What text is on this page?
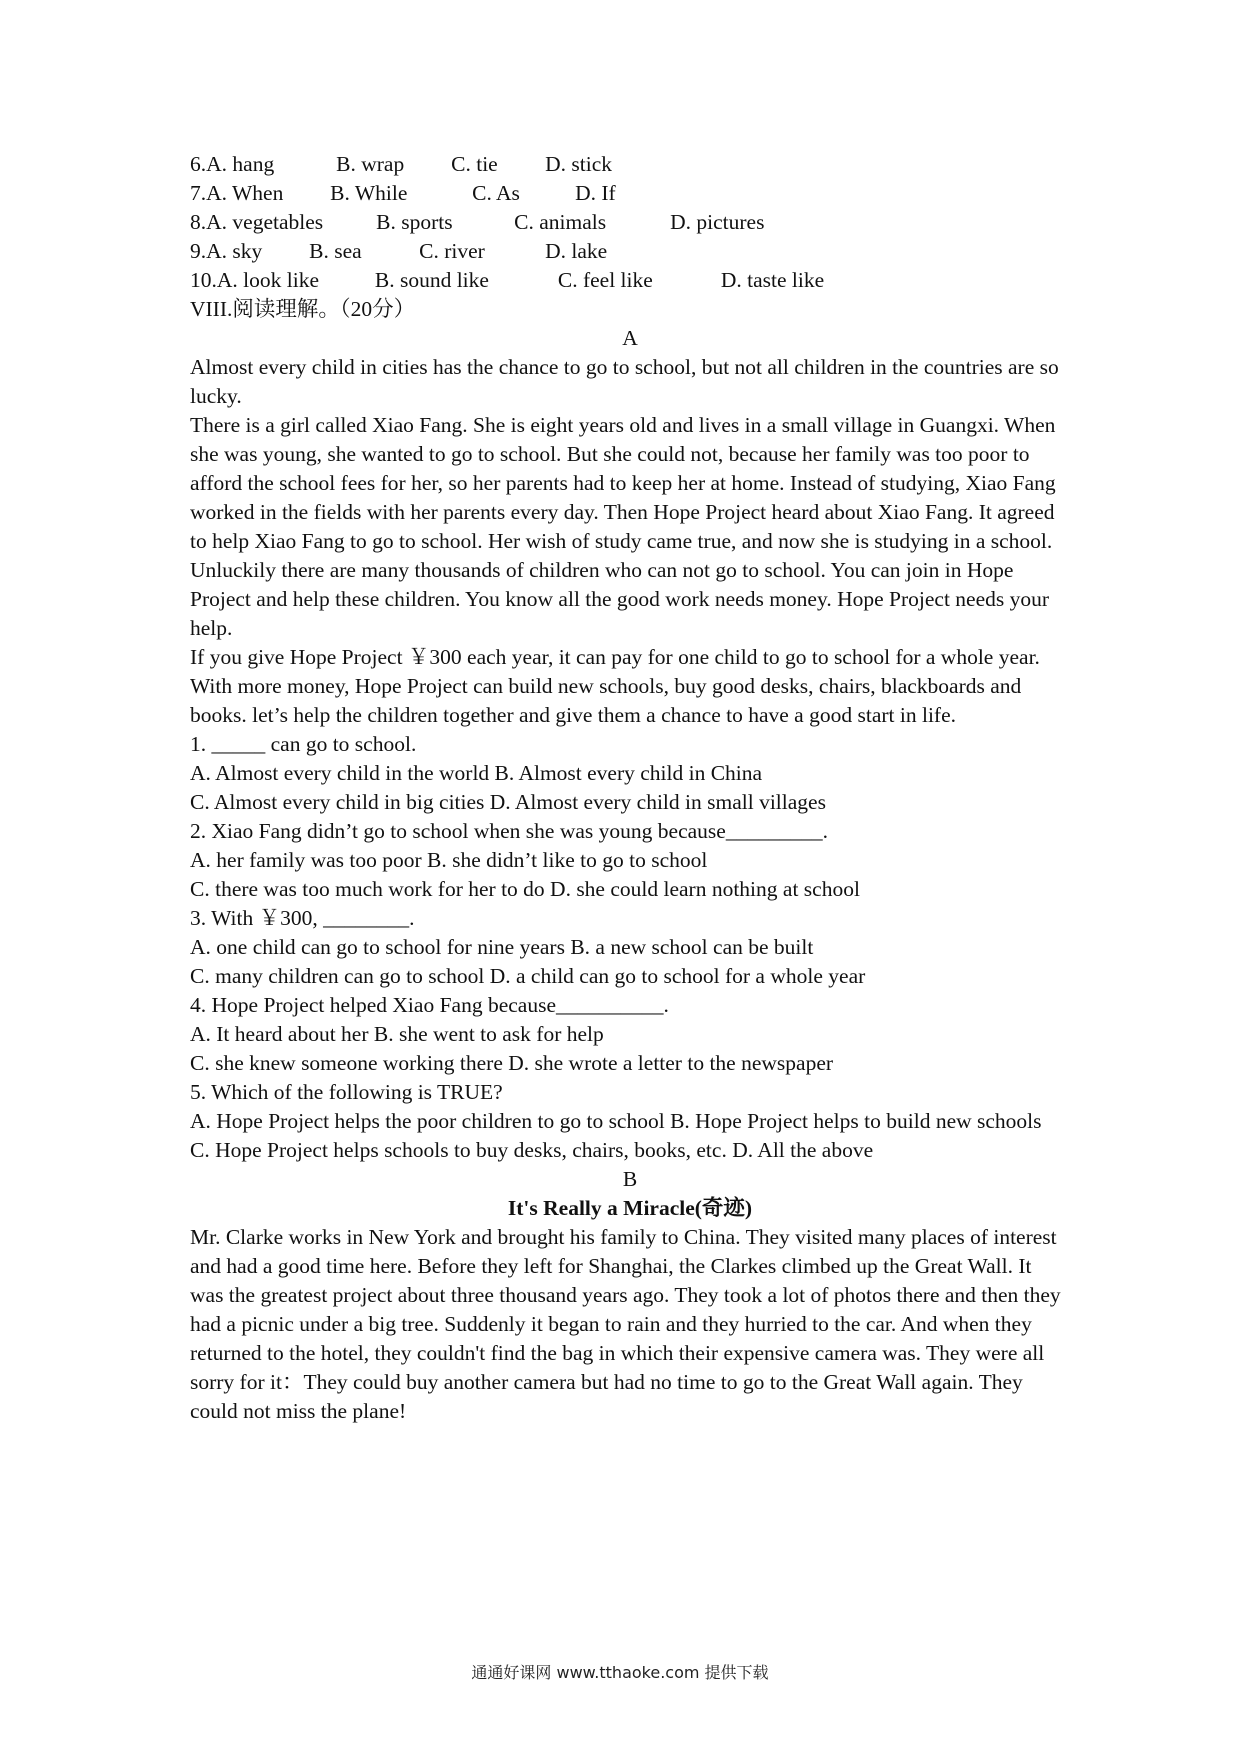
6.A. hang	B. wrap C. tie D. stick
7.A. When B. While	C. As	D. If
8.A. vegetables B. sports	C. animals	D. pictures
9.A. sky B. sea	C. river	D. lake
10.A. look like	B. sound like	C. feel like	D. taste like
VIII.阅读理解。（20分）
A

Almost every child in cities has the chance to go to school, but not all children in the countries are so lucky.

There is a girl called Xiao Fang. She is eight years old and lives in a small village in Guangxi. When she was young, she wanted to go to school. But she could not, because her family was too poor to afford the school fees for her, so her parents had to keep her at home. Instead of studying, Xiao Fang worked in the fields with her parents every day. Then Hope Project heard about Xiao Fang. It agreed to help Xiao Fang to go to school. Her wish of study came true, and now she is studying in a school.

Unluckily there are many thousands of children who can not go to school. You can join in Hope Project and help these children. You know all the good work needs money. Hope Project needs your help.

If you give Hope Project ￥300 each year, it can pay for one child to go to school for a whole year. With more money, Hope Project can build new schools, buy good desks, chairs, blackboards and books. let’s help the children together and give them a chance to have a good start in life.

1. _____ can go to school.
A. Almost every child in the world B. Almost every child in China
C. Almost every child in big cities D. Almost every child in small villages
2. Xiao Fang didn’t go to school when she was young because_________.
A. her family was too poor B. she didn’t like to go to school
C. there was too much work for her to do D. she could learn nothing at school
3. With ￥300, ________.
A. one child can go to school for nine years B. a new school can be built
C. many children can go to school D. a child can go to school for a whole year
4. Hope Project helped Xiao Fang because__________.
A. It heard about her B. she went to ask for help
C. she knew someone working there D. she wrote a letter to the newspaper
5. Which of the following is TRUE?
A. Hope Project helps the poor children to go to school B. Hope Project helps to build new schools
C. Hope Project helps schools to buy desks, chairs, books, etc. D. All the above
B
It's Really a Miracle(奇迹)

Mr. Clarke works in New York and brought his family to China. They visited many places of interest and had a good time here. Before they left for Shanghai, the Clarkes climbed up the Great Wall. It was the greatest project about three thousand years ago. They took a lot of photos there and then they had a picnic under a big tree. Suddenly it began to rain and they hurried to the car. And when they returned to the hotel, they couldn't find the bag in which their expensive camera was. They were all sorry for it：They could buy another camera but had no time to go to the Great Wall again. They could not miss the plane!

通通好课网 www.tthaoke.com 提供下载
